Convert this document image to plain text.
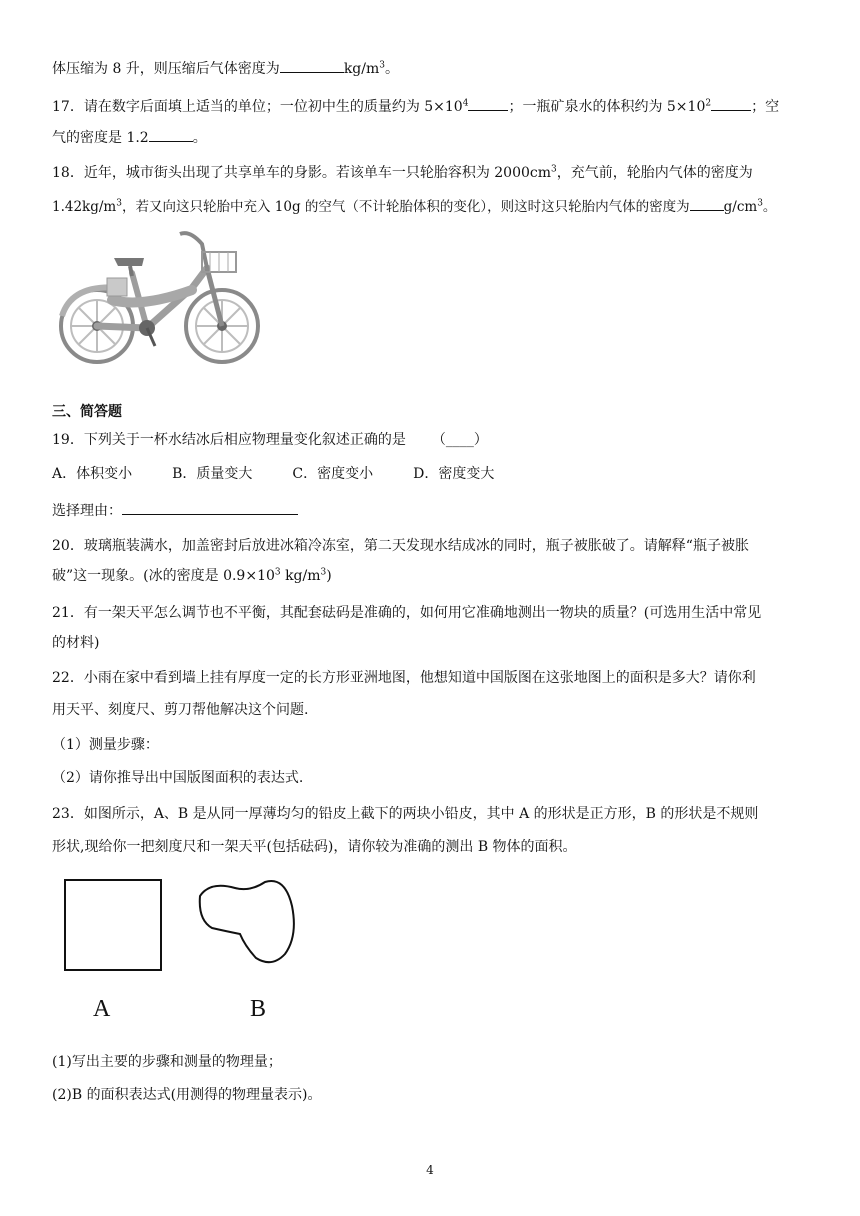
体压缩为 8 升，则压缩后气体密度为	$kg/m^3$。
17．请在数字后面填上适当的单位；一位初中生的质量约为 $5\times 10^4$	；一瓶矿泉水的体积约为 $5\times 10^2$	；空
气的密度是 1.2	。
18．近年，城市街头出现了共享单车的身影。若该单车一只轮胎容积为 $2000cm^3$，充气前，轮胎内气体的密度为
$1.42kg/m^3$，若又向这只轮胎中充入 10g 的空气（不计轮胎体积的变化），则这时这只轮胎内气体的密度为	$g/cm^3$。
三、简答题
19．下列关于一杯水结冰后相应物理量变化叙述正确的是 （____）
A．体积变小	B．质量变大	C．密度变小	D．密度变大
选择理由：
20．玻璃瓶装满水，加盖密封后放进冰箱冷冻室，第二天发现水结成冰的同时，瓶子被胀破了。请解释“瓶子被胀
破”这一现象。(冰的密度是 $0.9\times 10^3$ $kg/m^3$)
21．有一架天平怎么调节也不平衡，其配套砝码是准确的，如何用它准确地测出一物块的质量？(可选用生活中常见
的材料)
22．小雨在家中看到墙上挂有厚度一定的长方形亚洲地图，他想知道中国版图在这张地图上的面积是多大？请你利
用天平、刻度尺、剪刀帮他解决这个问题.
（1）测量步骤：
（2）请你推导出中国版图面积的表达式.
23．如图所示，A、B 是从同一厚薄均匀的铅皮上截下的两块小铅皮，其中 A 的形状是正方形，B 的形状是不规则
形状,现给你一把刻度尺和一架天平(包括砝码)，请你较为准确的测出 B 物体的面积。
A	B
(1)写出主要的步骤和测量的物理量；
(2)B 的面积表达式(用测得的物理量表示)。
4
